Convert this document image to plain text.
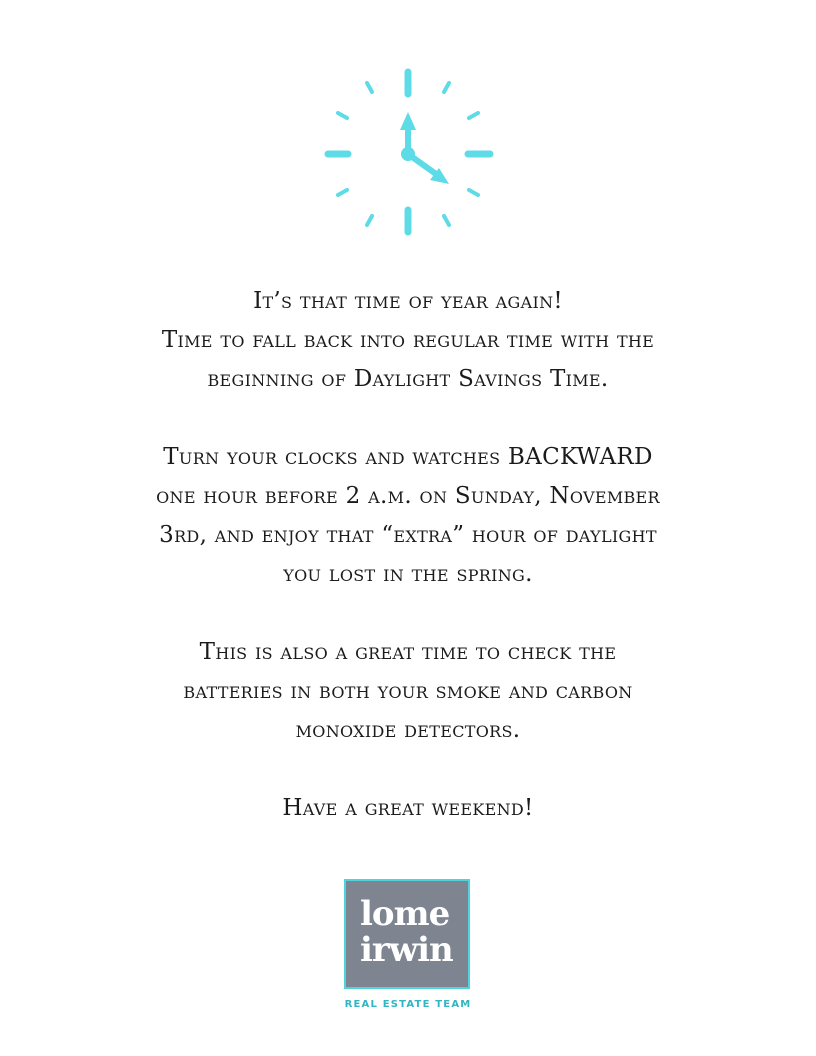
It’s that time of year again!
Time to fall back into regular time with the
beginning of Daylight Savings Time.

Turn your clocks and watches BACKWARD
one hour before 2 a.m. on Sunday, November
3rd, and enjoy that “extra” hour of daylight
you lost in the spring.

This is also a great time to check the
batteries in both your smoke and carbon
monoxide detectors.

Have a great weekend!

lome
irwin
REAL ESTATE TEAM
